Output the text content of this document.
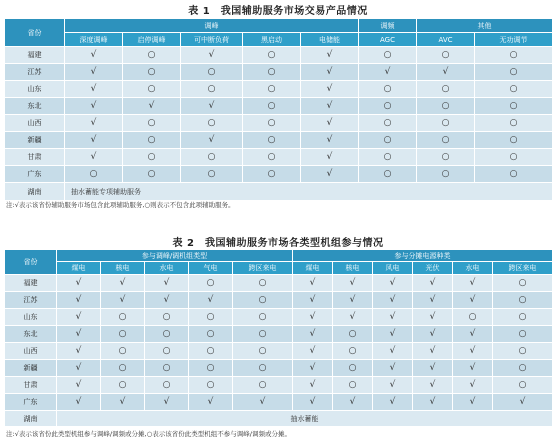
表 1　我国辅助服务市场交易产品情况
省份	调峰					调频	其他	
	深度调峰	启停调峰	可中断负荷	黑启动	电储能	AGC	AVC	无功调节
福建	√	○	√	○	√	○	○	○
江苏	√	○	○	○	√	√	√	○
山东	√	○	○	○	√	○	○	○
东北	√	√	√	○	√	○	○	○
山西	√	○	○	○	√	○	○	○
新疆	√	○	√	○	√	○	○	○
甘肃	√	○	○	○	√	○	○	○
广东	○	○	○	○	√	○	○	○
湖南	抽水蓄能专项辅助服务							
注:√表示该省份辅助服务市场包含此项辅助服务,○则表示不包含此项辅助服务。
表 2　我国辅助服务市场各类型机组参与情况
省份	参与调峰/调机组类型					参与分摊电源种类					
	煤电	核电	水电	气电	跨区来电	煤电	核电	风电	光伏	水电	跨区来电
福建	√	√	√	○	○	√	√	√	√	√	○
江苏	√	√	√	√	○	√	√	√	√	√	○
山东	√	○	○	○	○	√	√	√	√	○	○
东北	√	○	○	○	○	√	○	√	√	√	○
山西	√	○	○	○	○	√	○	√	√	√	○
新疆	√	○	○	○	○	√	○	√	√	√	○
甘肃	√	○	○	○	○	√	○	√	√	√	○
广东	√	√	√	√	√	√	√	√	√	√	√
湖南	抽水蓄能										
注:√表示该省份此类型机组参与调峰/调频或分摊,○表示该省份此类型机组不参与调峰/调频或分摊。
